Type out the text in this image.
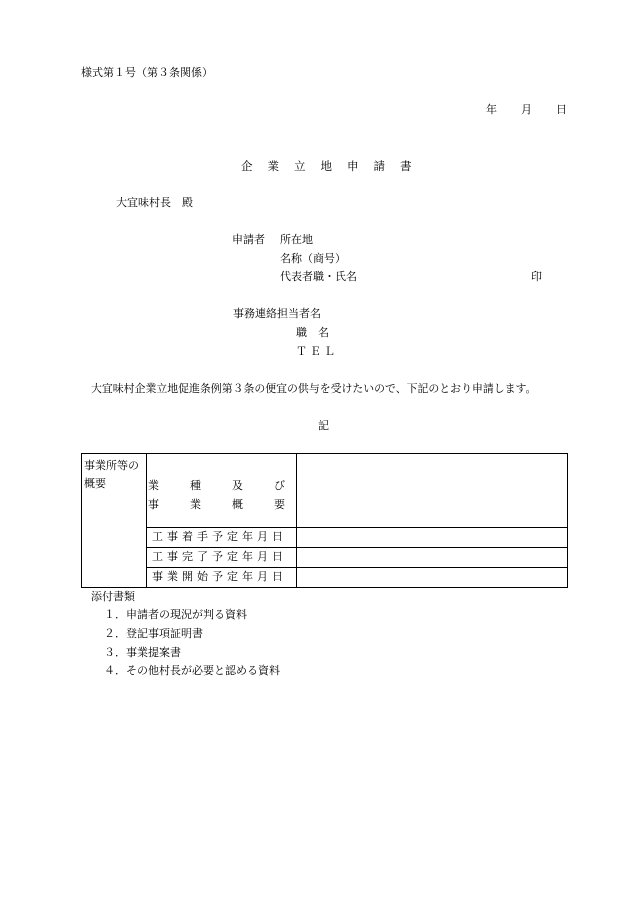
様式第１号（第３条関係）
年 月 日
企業立地申請書
大宜味村長　殿
申請者 所在地
名称（商号）
代表者職・氏名	印
事務連絡担当者名
職　名
ＴＥＬ
大宜味村企業立地促進条例第３条の便宜の供与を受けたいので、下記のとおり申請します。
記
事業所等の概要	業　種　及　び
事　業　概　要	

	工事着手予定年月日	

	工事完了予定年月日	

	事業開始予定年月日	

添付書類
１．申請者の現況が判る資料
２．登記事項証明書
３．事業提案書
４．その他村長が必要と認める資料
